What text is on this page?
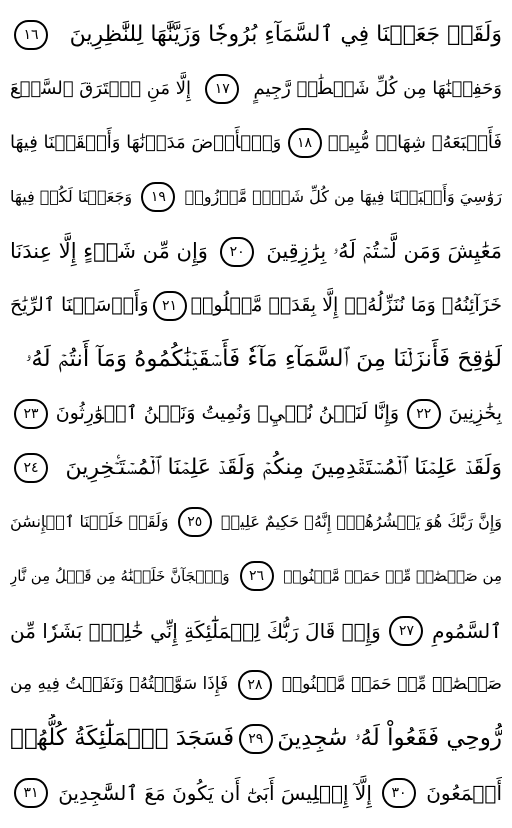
وَلَقَدۡ جَعَلۡنَا فِي ٱلسَّمَآءِ بُرُوجٗا وَزَيَّنَّٰهَا لِلنَّٰظِرِينَ
١٦
وَحَفِظۡنَٰهَا مِن كُلِّ شَيۡطَٰنٖ رَّجِيمٍ
١٧
إِلَّا مَنِ ٱسۡتَرَقَ ٱلسَّمۡعَ
فَأَتۡبَعَهُۥ شِهَابٞ مُّبِينٞ
١٨
وَٱلۡأَرۡضَ مَدَدۡنَٰهَا وَأَلۡقَيۡنَا فِيهَا
رَوَٰسِيَ وَأَنۢبَتۡنَا فِيهَا مِن كُلِّ شَيۡءٖ مَّوۡزُونٖ
١٩
وَجَعَلۡنَا لَكُمۡ فِيهَا
مَعَٰيِشَ وَمَن لَّسۡتُمۡ لَهُۥ بِرَٰزِقِينَ
٢٠
وَإِن مِّن شَيۡءٍ إِلَّا عِندَنَا
خَزَآئِنُهُۥ وَمَا نُنَزِّلُهُۥٓ إِلَّا بِقَدَرٖ مَّعۡلُومٖ
٢١
وَأَرۡسَلۡنَا ٱلرِّيَٰحَ
لَوَٰقِحَ فَأَنزَلۡنَا مِنَ ٱلسَّمَآءِ مَآءٗ فَأَسۡقَيۡنَٰكُمُوهُ وَمَآ أَنتُمۡ لَهُۥ
بِخَٰزِنِينَ
٢٢
وَإِنَّا لَنَحۡنُ نُحۡيِۦ وَنُمِيتُ وَنَحۡنُ ٱلۡوَٰرِثُونَ
٢٣
وَلَقَدۡ عَلِمۡنَا ٱلۡمُسۡتَقۡدِمِينَ مِنكُمۡ وَلَقَدۡ عَلِمۡنَا ٱلۡمُسۡتَـٔۡخِرِينَ
٢٤
وَإِنَّ رَبَّكَ هُوَ يَحۡشُرُهُمۡۚ إِنَّهُۥ حَكِيمٌ عَلِيمٞ
٢٥
وَلَقَدۡ خَلَقۡنَا ٱلۡإِنسَٰنَ
مِن صَلۡصَٰلٖ مِّنۡ حَمَإٖ مَّسۡنُونٖ
٢٦
وَٱلۡجَآنَّ خَلَقۡنَٰهُ مِن قَبۡلُ مِن نَّارِ
ٱلسَّمُومِ
٢٧
وَإِذۡ قَالَ رَبُّكَ لِلۡمَلَٰٓئِكَةِ إِنِّي خَٰلِقُۢ بَشَرٗا مِّن
صَلۡصَٰلٖ مِّنۡ حَمَإٖ مَّسۡنُونٖ
٢٨
فَإِذَا سَوَّيۡتُهُۥ وَنَفَخۡتُ فِيهِ مِن
رُّوحِي فَقَعُواْ لَهُۥ سَٰجِدِينَ
٢٩
فَسَجَدَ ٱلۡمَلَٰٓئِكَةُ كُلُّهُمۡ
أَجۡمَعُونَ
٣٠
إِلَّآ إِبۡلِيسَ أَبَىٰٓ أَن يَكُونَ مَعَ ٱلسَّٰجِدِينَ
٣١
